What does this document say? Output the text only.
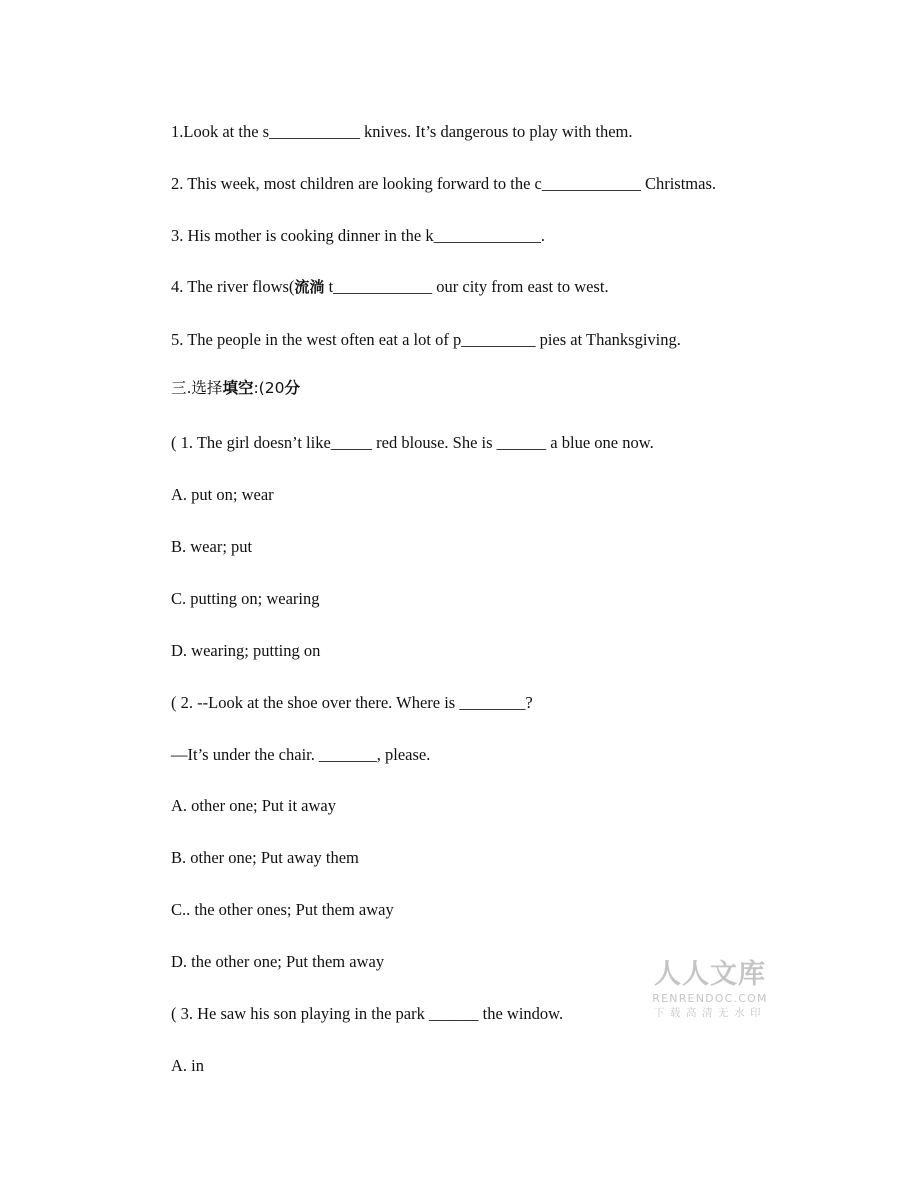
1.Look at the s___________ knives. It’s dangerous to play with them.
2. This week, most children are looking forward to the c____________ Christmas.
3. His mother is cooking dinner in the k_____________.
4. The river flows(流淌 t____________ our city from east to west.
5. The people in the west often eat a lot of p_________ pies at Thanksgiving.
三.选择填空:(20分
( 1. The girl doesn’t like_____ red blouse. She is ______ a blue one now.
A. put on; wear
B. wear; put
C. putting on; wearing
D. wearing; putting on
( 2. --Look at the shoe over there. Where is ________?
—It’s under the chair. _______, please.
A. other one; Put it away
B. other one; Put away them
C.. the other ones; Put them away
D. the other one; Put them away
( 3. He saw his son playing in the park ______ the window.
A. in
人人文库
RENRENDOC.COM
下载高清无水印
